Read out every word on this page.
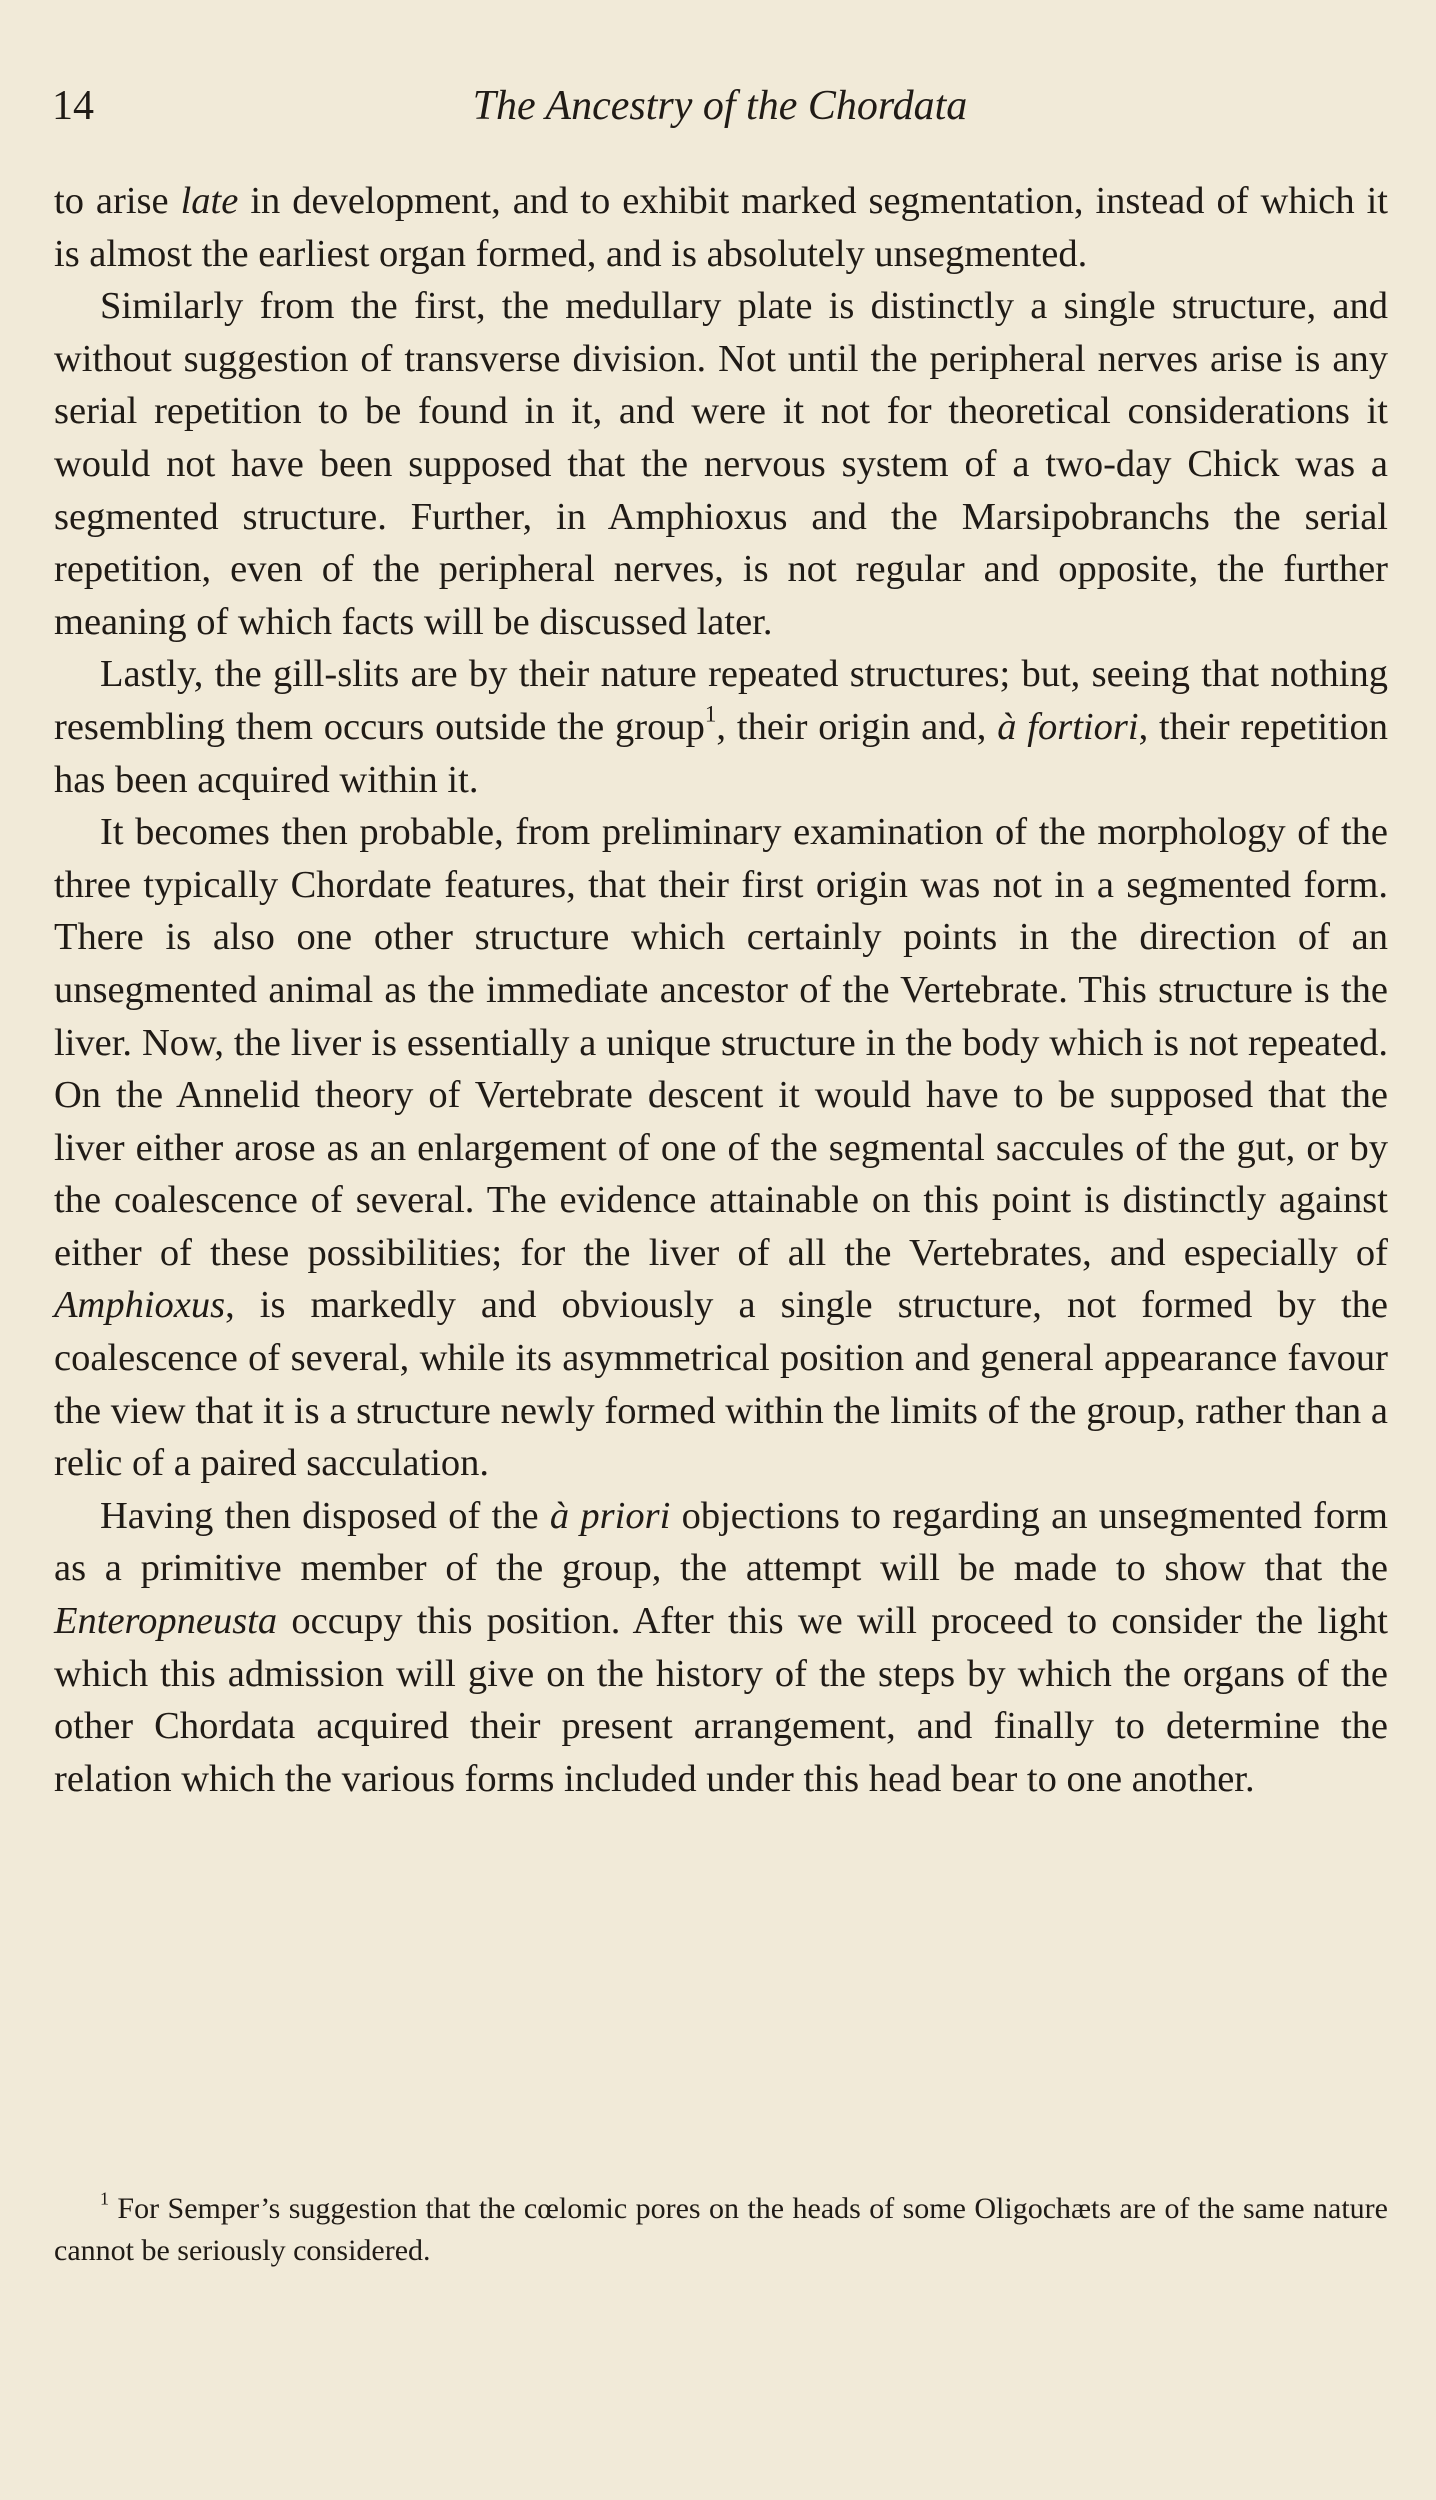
14	The Ancestry of the Chordata

to arise late in development, and to exhibit marked segmentation, instead of which it is almost the earliest organ formed, and is absolutely unsegmented.

Similarly from the first, the medullary plate is distinctly a single structure, and without suggestion of transverse division. Not until the peripheral nerves arise is any serial repetition to be found in it, and were it not for theoretical considerations it would not have been supposed that the nervous system of a two-day Chick was a segmented structure. Further, in Amphioxus and the Marsipobranchs the serial repetition, even of the peripheral nerves, is not regular and opposite, the further meaning of which facts will be discussed later.

Lastly, the gill-slits are by their nature repeated structures; but, seeing that nothing resembling them occurs outside the group$^1$, their origin and, à fortiori, their repetition has been acquired within it.

It becomes then probable, from preliminary examination of the morphology of the three typically Chordate features, that their first origin was not in a segmented form. There is also one other structure which certainly points in the direction of an unsegmented animal as the immediate ancestor of the Vertebrate. This structure is the liver. Now, the liver is essentially a unique structure in the body which is not repeated. On the Annelid theory of Vertebrate descent it would have to be supposed that the liver either arose as an enlargement of one of the segmental saccules of the gut, or by the coalescence of several. The evidence attainable on this point is distinctly against either of these possibilities; for the liver of all the Vertebrates, and especially of Amphioxus, is markedly and obviously a single structure, not formed by the coalescence of several, while its asymmetrical position and general appearance favour the view that it is a structure newly formed within the limits of the group, rather than a relic of a paired sacculation.

Having then disposed of the à priori objections to regarding an unsegmented form as a primitive member of the group, the attempt will be made to show that the Enteropneusta occupy this position. After this we will proceed to consider the light which this admission will give on the history of the steps by which the organs of the other Chordata acquired their present arrangement, and finally to determine the relation which the various forms included under this head bear to one another.

$^1$ For Semper’s suggestion that the cœlomic pores on the heads of some Oligochæts are of the same nature cannot be seriously considered.
